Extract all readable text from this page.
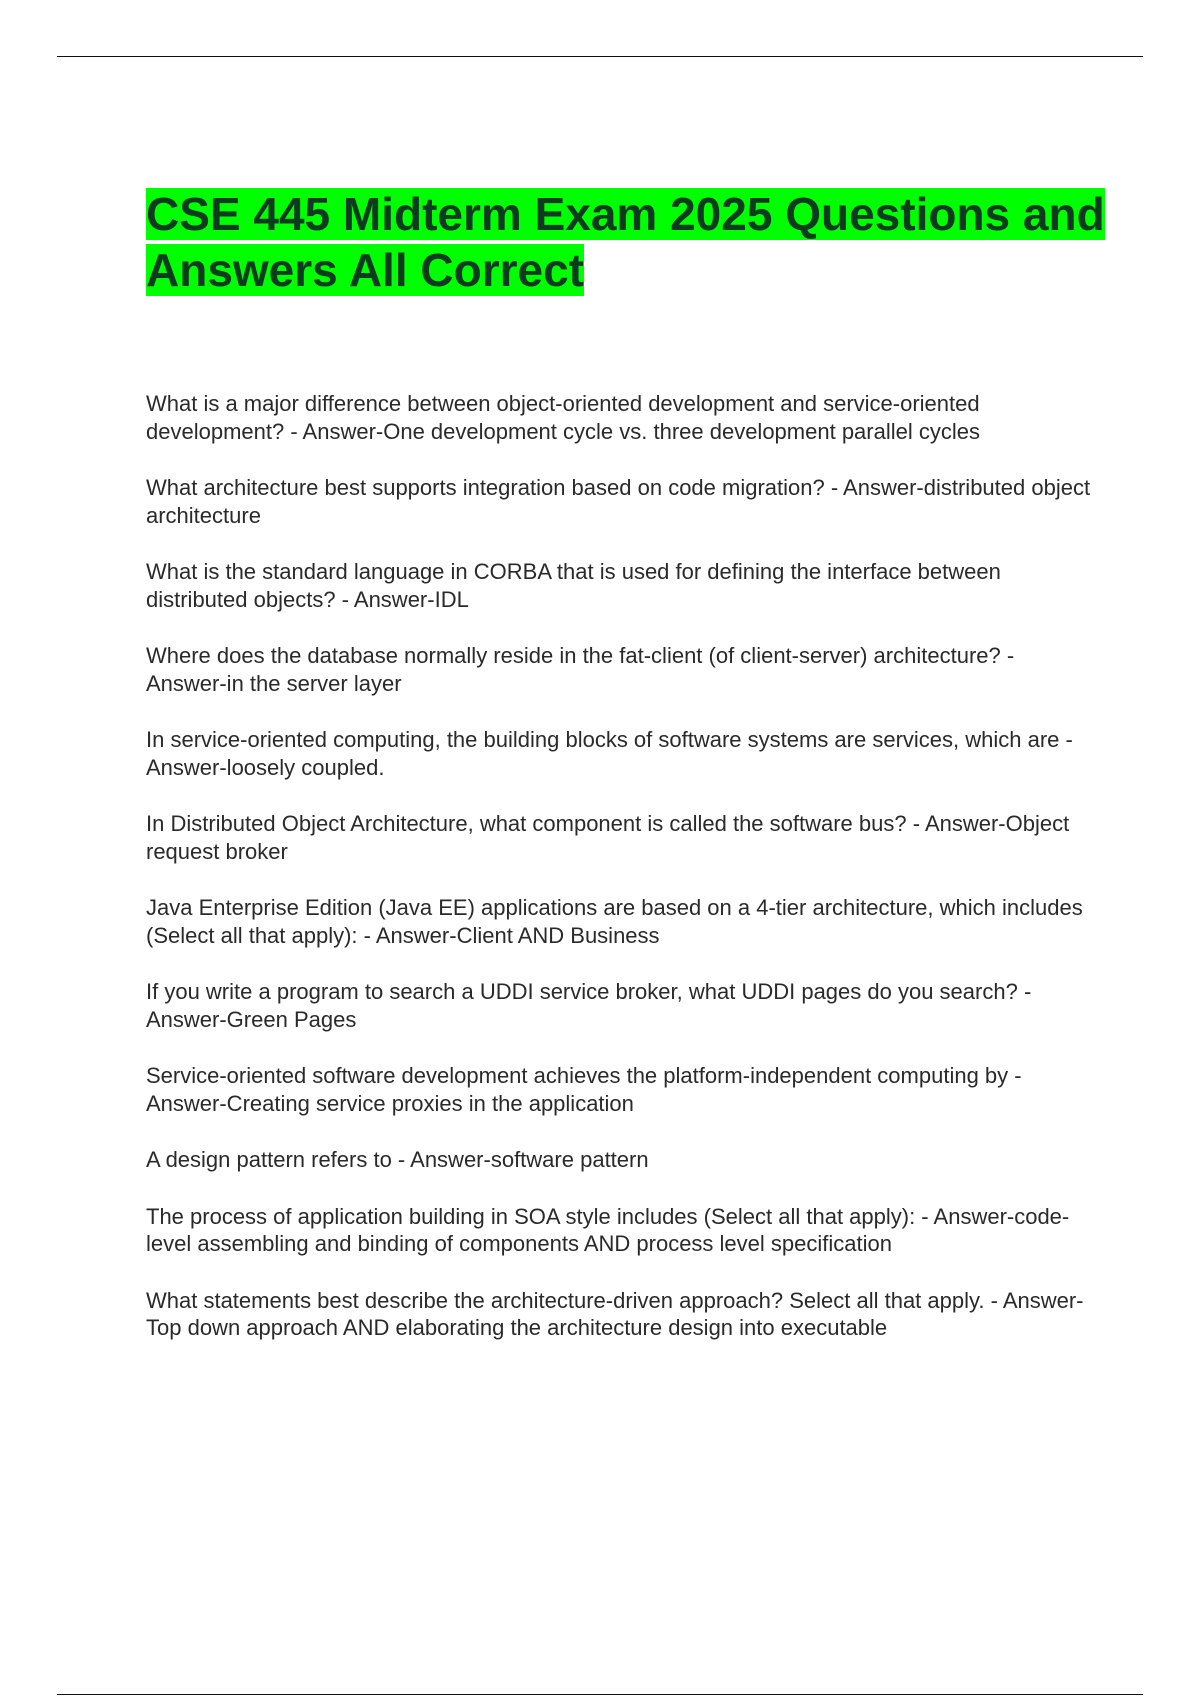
CSE 445 Midterm Exam 2025 Questions and Answers All Correct
What is a major difference between object-oriented development and service-oriented development? - Answer-One development cycle vs. three development parallel cycles
What architecture best supports integration based on code migration? - Answer-distributed object architecture
What is the standard language in CORBA that is used for defining the interface between distributed objects? - Answer-IDL
Where does the database normally reside in the fat-client (of client-server) architecture? - Answer-in the server layer
In service-oriented computing, the building blocks of software systems are services, which are - Answer-loosely coupled.
In Distributed Object Architecture, what component is called the software bus? - Answer-Object request broker
Java Enterprise Edition (Java EE) applications are based on a 4-tier architecture, which includes (Select all that apply): - Answer-Client AND Business
If you write a program to search a UDDI service broker, what UDDI pages do you search? - Answer-Green Pages
Service-oriented software development achieves the platform-independent computing by - Answer-Creating service proxies in the application
A design pattern refers to - Answer-software pattern
The process of application building in SOA style includes (Select all that apply): - Answer-code-level assembling and binding of components AND process level specification
What statements best describe the architecture-driven approach? Select all that apply. - Answer-Top down approach AND elaborating the architecture design into executable
